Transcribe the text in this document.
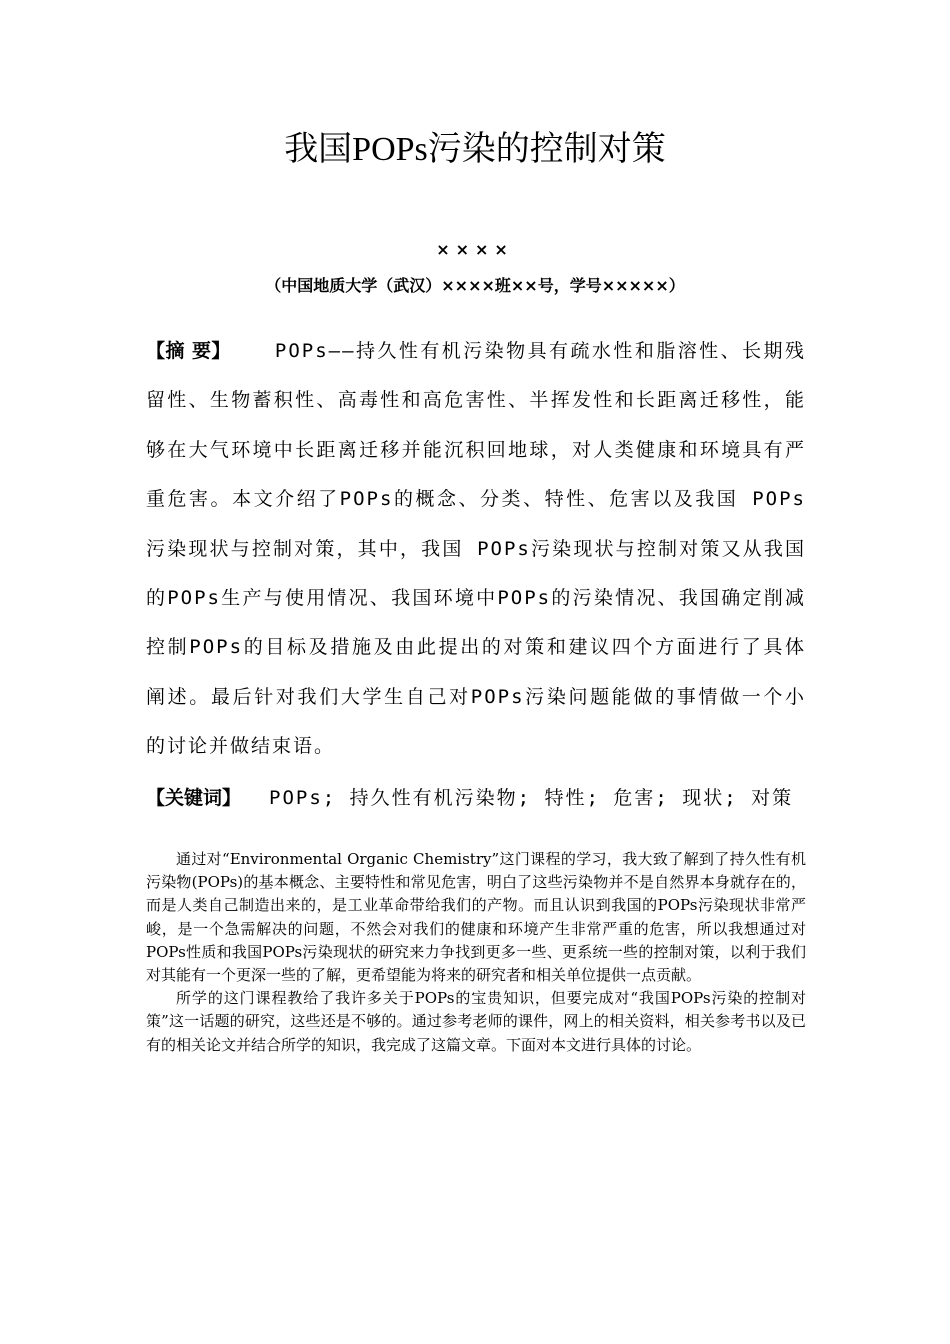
我国POPs污染的控制对策
××××
（中国地质大学（武汉）××××班××号，学号×××××）
【摘 要】 POPs——持久性有机污染物具有疏水性和脂溶性、长期残留性、生物蓄积性、高毒性和高危害性、半挥发性和长距离迁移性，能够在大气环境中长距离迁移并能沉积回地球，对人类健康和环境具有严重危害。本文介绍了POPs的概念、分类、特性、危害以及我国 POPs污染现状与控制对策，其中，我国 POPs污染现状与控制对策又从我国的POPs生产与使用情况、我国环境中POPs的污染情况、我国确定削减控制POPs的目标及措施及由此提出的对策和建议四个方面进行了具体阐述。最后针对我们大学生自己对POPs污染问题能做的事情做一个小的讨论并做结束语。
【关键词】 POPs; 持久性有机污染物; 特性; 危害; 现状; 对策

通过对“Environmental Organic Chemistry”这门课程的学习，我大致了解到了持久性有机污染物(POPs)的基本概念、主要特性和常见危害，明白了这些污染物并不是自然界本身就存在的，而是人类自己制造出来的，是工业革命带给我们的产物。而且认识到我国的POPs污染现状非常严峻，是一个急需解决的问题，不然会对我们的健康和环境产生非常严重的危害，所以我想通过对POPs性质和我国POPs污染现状的研究来力争找到更多一些、更系统一些的控制对策，以利于我们对其能有一个更深一些的了解，更希望能为将来的研究者和相关单位提供一点贡献。

所学的这门课程教给了我许多关于POPs的宝贵知识，但要完成对“我国POPs污染的控制对策”这一话题的研究，这些还是不够的。通过参考老师的课件，网上的相关资料，相关参考书以及已有的相关论文并结合所学的知识，我完成了这篇文章。下面对本文进行具体的讨论。
